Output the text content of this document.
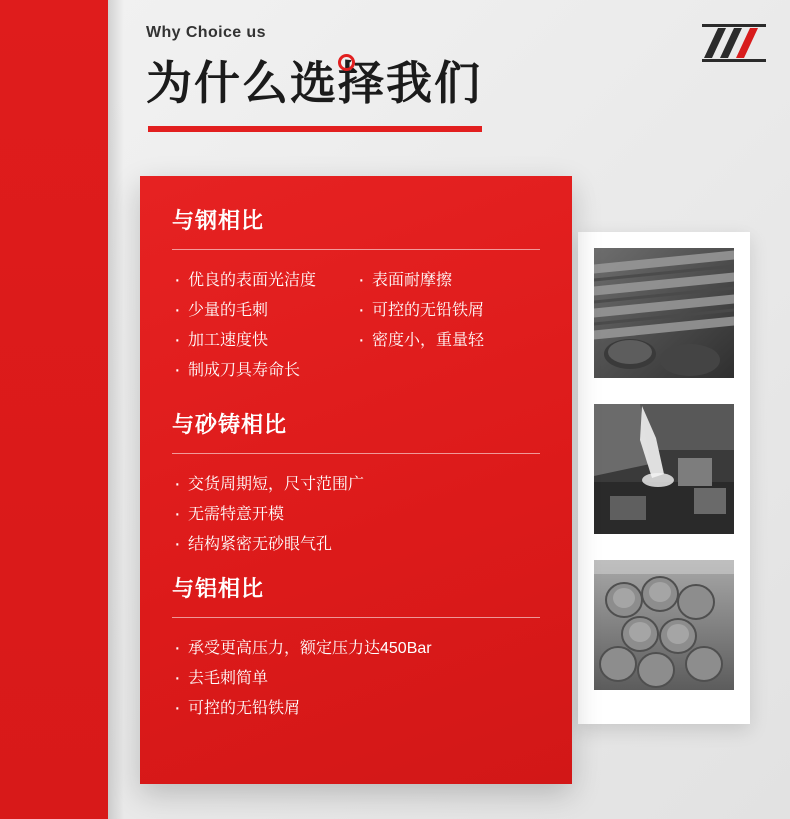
Why Choice us
为什么选择我们
与钢相比
· 优良的表面光洁度
· 少量的毛刺
· 加工速度快
· 制成刀具寿命长
· 表面耐摩擦
· 可控的无铅铁屑
· 密度小，重量轻
与砂铸相比
· 交货周期短，尺寸范围广
· 无需特意开模
· 结构紧密无砂眼气孔
与铝相比
· 承受更高压力，额定压力达450Bar
· 去毛刺简单
· 可控的无铅铁屑
